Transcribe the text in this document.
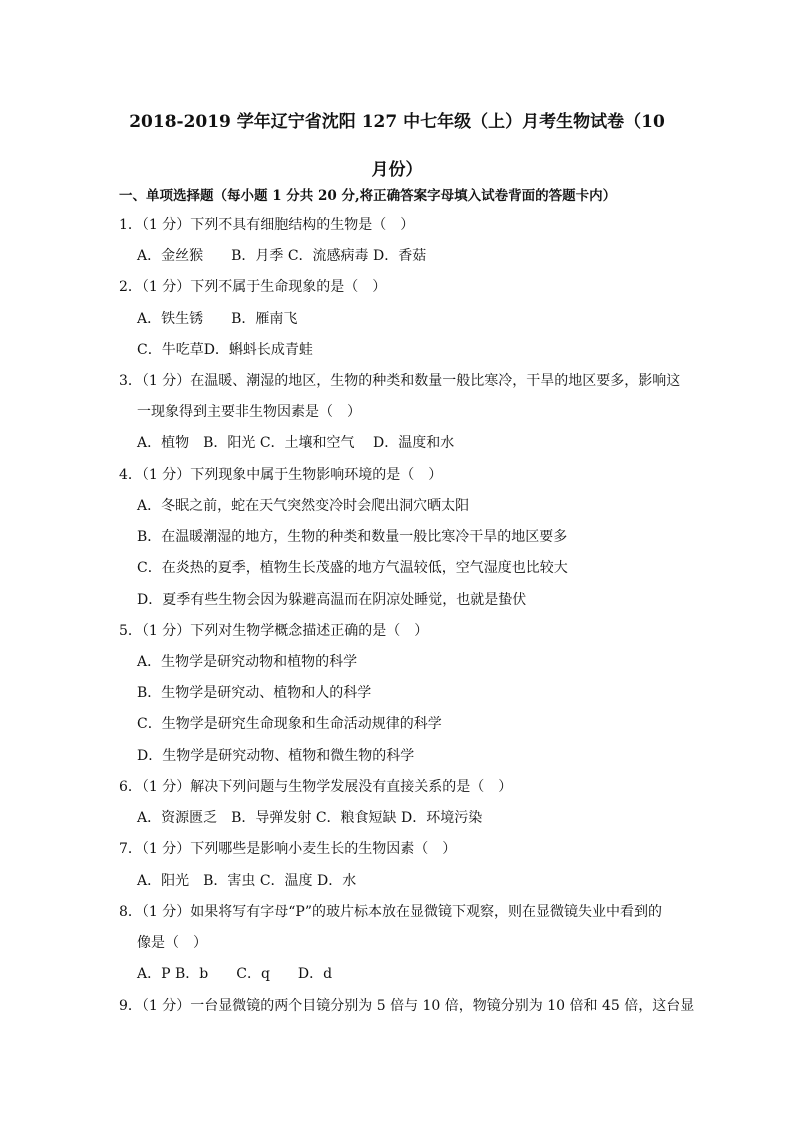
2018-2019 学年辽宁省沈阳 127 中七年级（上）月考生物试卷（10
月份）
一、单项选择题（每小题 1 分共 20 分,将正确答案字母填入试卷背面的答题卡内）
1．（1 分）下列不具有细胞结构的生物是（　）
A．金丝猴　　B．月季 C．流感病毒 D．香菇
2．（1 分）下列不属于生命现象的是（　）
A．铁生锈　　B．雁南飞
C．牛吃草D．蝌蚪长成青蛙
3．（1 分）在温暖、潮湿的地区，生物的种类和数量一般比寒冷，干旱的地区要多，影响这
一现象得到主要非生物因素是（　）
A．植物　B．阳光 C．土壤和空气　 D．温度和水
4．（1 分）下列现象中属于生物影响环境的是（　）
A．冬眠之前，蛇在天气突然变冷时会爬出洞穴晒太阳
B．在温暖潮湿的地方，生物的种类和数量一般比寒冷干旱的地区要多
C．在炎热的夏季，植物生长茂盛的地方气温较低，空气湿度也比较大
D．夏季有些生物会因为躲避高温而在阴凉处睡觉，也就是蛰伏
5．（1 分）下列对生物学概念描述正确的是（　）
A．生物学是研究动物和植物的科学
B．生物学是研究动、植物和人的科学
C．生物学是研究生命现象和生命活动规律的科学
D．生物学是研究动物、植物和微生物的科学
6．（1 分）解决下列问题与生物学发展没有直接关系的是（　）
A．资源匮乏　B．导弹发射 C．粮食短缺 D．环境污染
7．（1 分）下列哪些是影响小麦生长的生物因素（　）
A．阳光　B．害虫 C．温度 D．水
8．（1 分）如果将写有字母“P”的玻片标本放在显微镜下观察，则在显微镜失业中看到的
像是（　）
A．P B．b　　C．q　　D．d
9．（1 分）一台显微镜的两个目镜分别为 5 倍与 10 倍，物镜分别为 10 倍和 45 倍，这台显
